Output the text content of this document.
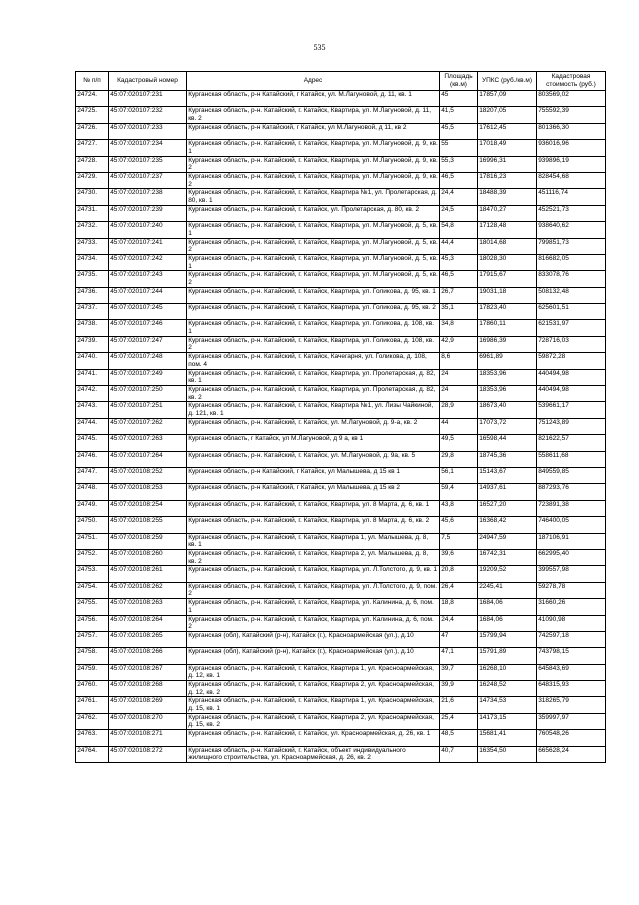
535
№ п/п	Кадастровый номер	Адрес	Площадь (кв.м)	УПКС (руб./кв.м)	Кадастровая стоимость (руб.)
24724.	45:07:020107:231	Курганская область, р-н Катайский, г Катайск, ул. М.Лагуновой, д. 11, кв. 1	45	17857,09	803569,02
24725.	45:07:020107:232	Курганская область, р-н. Катайский, г. Катайск, Квартира, ул. М.Лагуновой, д. 11, кв. 2	41,5	18207,05	755592,39
24726.	45:07:020107:233	Курганская область, р-н Катайский, г Катайск, ул М.Лагуновой, д 11, кв 2	45,5	17612,45	801366,30
24727.	45:07:020107:234	Курганская область, р-н. Катайский, г. Катайск, Квартира, ул. М.Лагуновой, д. 9, кв. 1	55	17018,49	936016,96
24728.	45:07:020107:235	Курганская область, р-н. Катайский, г. Катайск, Квартира, ул. М.Лагуновой, д. 9, кв. 2	55,3	16996,31	939896,19
24729.	45:07:020107:237	Курганская область, р-н. Катайский, г. Катайск, Квартира, ул. М.Лагуновой, д. 9, кв. 2	46,5	17816,23	828454,68
24730.	45:07:020107:238	Курганская область, р-н. Катайский, г. Катайск, Квартира №1, ул. Пролетарская, д. 80, кв. 1	24,4	18488,39	451116,74
24731.	45:07:020107:239	Курганская область, р-н. Катайский, г. Катайск, ул. Пролетарская, д. 80, кв. 2	24,5	18470,27	452521,73
24732.	45:07:020107:240	Курганская область, р-н. Катайский, г. Катайск, Квартира, ул. М.Лагуновой, д. 5, кв. 1	54,8	17128,48	938640,62
24733.	45:07:020107:241	Курганская область, р-н. Катайский, г. Катайск, Квартира, ул. М.Лагуновой, д. 5, кв. 2	44,4	18014,68	799851,73
24734.	45:07:020107:242	Курганская область, р-н. Катайский, г. Катайск, Квартира, ул. М.Лагуновой, д. 5, кв. 1	45,3	18028,30	816682,05
24735.	45:07:020107:243	Курганская область, р-н. Катайский, г. Катайск, Квартира, ул. М.Лагуновой, д. 5, кв. 2	46,5	17915,67	833078,76
24736.	45:07:020107:244	Курганская область, р-н. Катайский, г. Катайск, Квартира, ул. Голикова, д. 95, кв. 1	26,7	19031,18	508132,48
24737.	45:07:020107:245	Курганская область, р-н. Катайский, г. Катайск, Квартира, ул. Голикова, д. 95, кв. 2	35,1	17823,40	625601,51
24738.	45:07:020107:246	Курганская область, р-н. Катайский, г. Катайск, Квартира, ул. Голикова, д. 108, кв. 1	34,8	17860,11	621531,97
24739.	45:07:020107:247	Курганская область, р-н. Катайский, г. Катайск, Квартира, ул. Голикова, д. 108, кв. 2	42,9	16986,39	728716,03
24740.	45:07:020107:248	Курганская область, р-н. Катайский, г. Катайск, Качегарня, ул. Голикова, д. 108, пом. 4	8,6	6961,89	59872,28
24741.	45:07:020107:249	Курганская область, р-н. Катайский, г. Катайск, Квартира, ул. Пролетарская, д. 82, кв. 1	24	18353,96	440494,98
24742.	45:07:020107:250	Курганская область, р-н. Катайский, г. Катайск, Квартира, ул. Пролетарская, д. 82, кв. 2	24	18353,96	440494,98
24743.	45:07:020107:251	Курганская область, р-н. Катайский, г. Катайск, Квартира №1, ул. Лизы Чайкиной, д. 121, кв. 1	28,9	18673,40	539661,17
24744.	45:07:020107:262	Курганская область, р-н. Катайский, г. Катайск, ул. М.Лагуновой, д. 9-а, кв. 2	44	17073,72	751243,89
24745.	45:07:020107:263	Курганская область, г Катайск, ул М.Лагуновой, д 9 а, кв 1	49,5	16598,44	821622,57
24746.	45:07:020107:264	Курганская область, р-н. Катайский, г. Катайск, ул. М.Лагуновой, д. 9а, кв. 5	29,8	18745,36	558611,68
24747.	45:07:020108:252	Курганская область, р-н Катайский, г Катайск, ул Малышева, д 15 кв 1	56,1	15143,67	849559,85
24748.	45:07:020108:253	Курганская область, р-н Катайский, г Катайск, ул Малышева, д 15 кв 2	59,4	14937,61	887293,76
24749.	45:07:020108:254	Курганская область, р-н. Катайский, г. Катайск, Квартира, ул. 8 Марта, д. 6, кв. 1	43,8	16527,20	723891,38
24750.	45:07:020108:255	Курганская область, р-н. Катайский, г. Катайск, Квартира, ул. 8 Марта, д. 6, кв. 2	45,6	16368,42	746400,05
24751.	45:07:020108:259	Курганская область, р-н. Катайский, г. Катайск, Квартира 1, ул. Малышева, д. 8, кв. 1	7,5	24947,59	187106,91
24752.	45:07:020108:260	Курганская область, р-н. Катайский, г. Катайск, Квартира 2, ул. Малышева, д. 8, кв. 2	39,6	16742,31	662995,40
24753.	45:07:020108:261	Курганская область, р-н. Катайский, г. Катайск, Квартира, ул. Л.Толстого, д. 9, кв. 1	20,8	19209,52	399557,98
24754.	45:07:020108:262	Курганская область, р-н. Катайский, г. Катайск, Квартира, ул. Л.Толстого, д. 9, пом. 2	26,4	2245,41	59278,78
24755.	45:07:020108:263	Курганская область, р-н. Катайский, г. Катайск, Квартира, ул. Калинина, д. 6, пом. 1	18,8	1684,06	31660,26
24756.	45:07:020108:264	Курганская область, р-н. Катайский, г. Катайск, Квартира, ул. Калинина, д. 6, пом. 2	24,4	1684,06	41090,98
24757.	45:07:020108:265	Курганская (обл), Катайский (р-н), Катайск (г.), Красноармейская (ул.), д.10	47	15799,94	742597,18
24758.	45:07:020108:266	Курганская (обл), Катайский (р-н), Катайск (г.), Красноармейская (ул.), д.10	47,1	15791,89	743798,15
24759.	45:07:020108:267	Курганская область, р-н. Катайский, г. Катайск, Квартира 1, ул. Красноармейская, д. 12, кв. 1	39,7	16268,10	645843,69
24760.	45:07:020108:268	Курганская область, р-н. Катайский, г. Катайск, Квартира 2, ул. Красноармейская, д. 12, кв. 2	39,9	16248,52	648315,93
24761.	45:07:020108:269	Курганская область, р-н. Катайский, г. Катайск, Квартира 1, ул. Красноармейская, д. 15, кв. 1	21,6	14734,53	318265,79
24762.	45:07:020108:270	Курганская область, р-н. Катайский, г. Катайск, Квартира 2, ул. Красноармейская, д. 15, кв. 2	25,4	14173,15	359997,97
24763.	45:07:020108:271	Курганская область, р-н. Катайский, г. Катайск, ул. Красноармейская, д. 26, кв. 1	48,5	15681,41	760548,26
24764.	45:07:020108:272	Курганская область, р-н. Катайский, г. Катайск, объект индивидуального жилищного строительства, ул. Красноармейская, д. 26, кв. 2	40,7	16354,50	665628,24
